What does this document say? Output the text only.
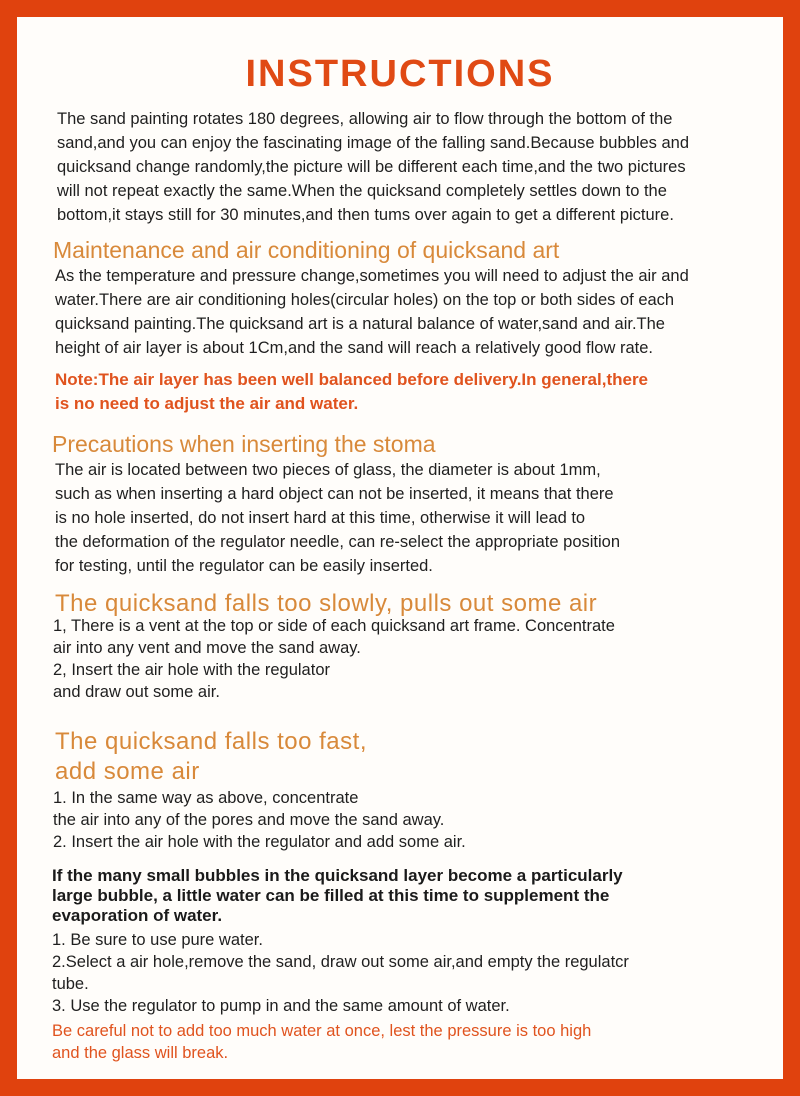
INSTRUCTIONS
The sand painting rotates 180 degrees, allowing air to flow through the bottom of the
sand,and you can enjoy the fascinating image of the falling sand.Because bubbles and
quicksand change randomly,the picture will be different each time,and the two pictures
will not repeat exactly the same.When the quicksand completely settles down to the
bottom,it stays still for 30 minutes,and then tums over again to get a different picture.
Maintenance and air conditioning of quicksand art
As the temperature and pressure change,sometimes you will need to adjust the air and
water.There are air conditioning holes(circular holes) on the top or both sides of each
quicksand painting.The quicksand art is a natural balance of water,sand and air.The
height of air layer is about 1Cm,and the sand will reach a relatively good flow rate.
Note:The air layer has been well balanced before delivery.In general,there
is no need to adjust the air and water.
Precautions when inserting the stoma
The air is located between two pieces of glass, the diameter is about 1mm,
such as when inserting a hard object can not be inserted, it means that there
is no hole inserted, do not insert hard at this time, otherwise it will lead to
the deformation of the regulator needle, can re-select the appropriate position
for testing, until the regulator can be easily inserted.
The quicksand falls too slowly, pulls out some air
1, There is a vent at the top or side of each quicksand art frame. Concentrate
air into any vent and move the sand away.
2, Insert the air hole with the regulator
and draw out some air.
The quicksand falls too fast,
add some air
1. In the same way as above, concentrate
the air into any of the pores and move the sand away.
2. Insert the air hole with the regulator and add some air.
If the many small bubbles in the quicksand layer become a particularly
large bubble, a little water can be filled at this time to supplement the
evaporation of water.
1. Be sure to use pure water.
2.Select a air hole,remove the sand, draw out some air,and empty the regulatcr
tube.
3. Use the regulator to pump in and the same amount of water.
Be careful not to add too much water at once, lest the pressure is too high
and the glass will break.
